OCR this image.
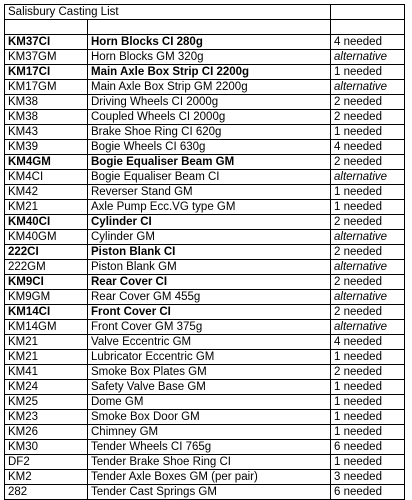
Salisbury Casting List		

KM37CI	Horn Blocks CI 280g	4 needed
KM37GM	Horn Blocks GM 320g	alternative
KM17CI	Main Axle Box Strip CI 2200g	1 needed
KM17GM	Main Axle Box Strip GM 2200g	alternative
KM38	Driving Wheels CI 2000g	2 needed
KM38	Coupled Wheels CI 2000g	2 needed
KM43	Brake Shoe Ring CI 620g	1 needed
KM39	Bogie Wheels CI 630g	4 needed
KM4GM	Bogie Equaliser Beam GM	2 needed
KM4CI	Bogie Equaliser Beam CI	alternative
KM42	Reverser Stand GM	1 needed
KM21	Axle Pump Ecc.VG type GM	1 needed
KM40CI	Cylinder CI	2 needed
KM40GM	Cylinder GM	alternative
222CI	Piston Blank CI	2 needed
222GM	Piston Blank GM	alternative
KM9CI	Rear Cover CI	2 needed
KM9GM	Rear Cover GM 455g	alternative
KM14CI	Front Cover CI	2 needed
KM14GM	Front Cover GM 375g	alternative
KM21	Valve Eccentric GM	4 needed
KM21	Lubricator Eccentric GM	1 needed
KM41	Smoke Box Plates GM	2 needed
KM24	Safety Valve Base GM	1 needed
KM25	Dome GM	1 needed
KM23	Smoke Box Door GM	1 needed
KM26	Chimney GM	1 needed
KM30	Tender Wheels CI 765g	6 needed
DF2	Tender Brake Shoe Ring CI	1 needed
KM2	Tender Axle Boxes GM (per pair)	3 needed
282	Tender Cast Springs GM	6 needed
